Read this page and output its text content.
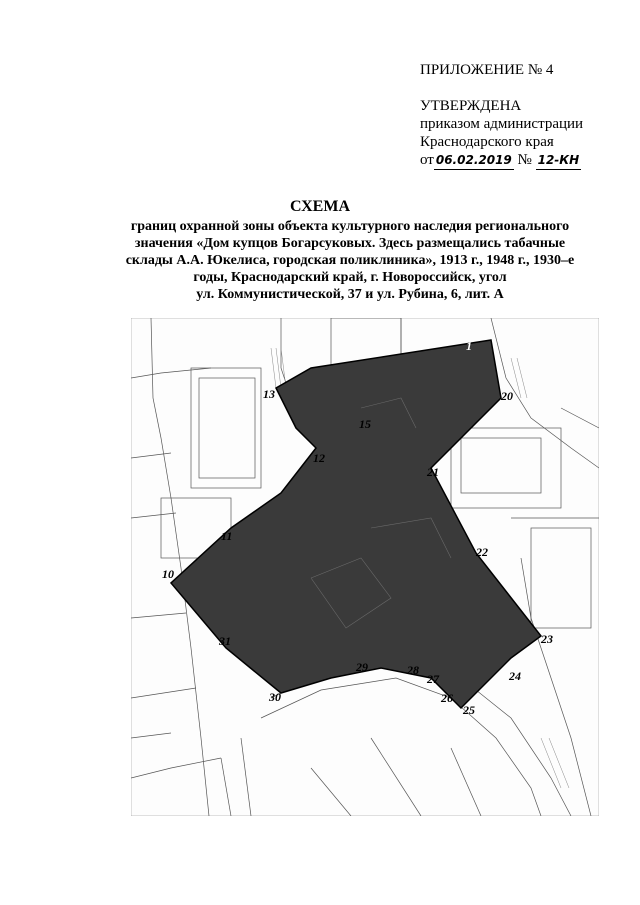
ПРИЛОЖЕНИЕ № 4
УТВЕРЖДЕНА
приказом администрации
Краснодарского края
от 06.02.2019 № 12-КН
СХЕМА
границ охранной зоны объекта культурного наследия регионального
значения «Дом купцов Богарсуковых. Здесь размещались табачные
склады А.А. Юкелиса, городская поликлиника», 1913 г., 1948 г., 1930–е
годы, Краснодарский край, г. Новороссийск, угол
ул. Коммунистической, 37 и ул. Рубина, 6, лит. А
1
10
11
12
13
15
20
21
22
23
24
25
26
27
28
29
30
31
